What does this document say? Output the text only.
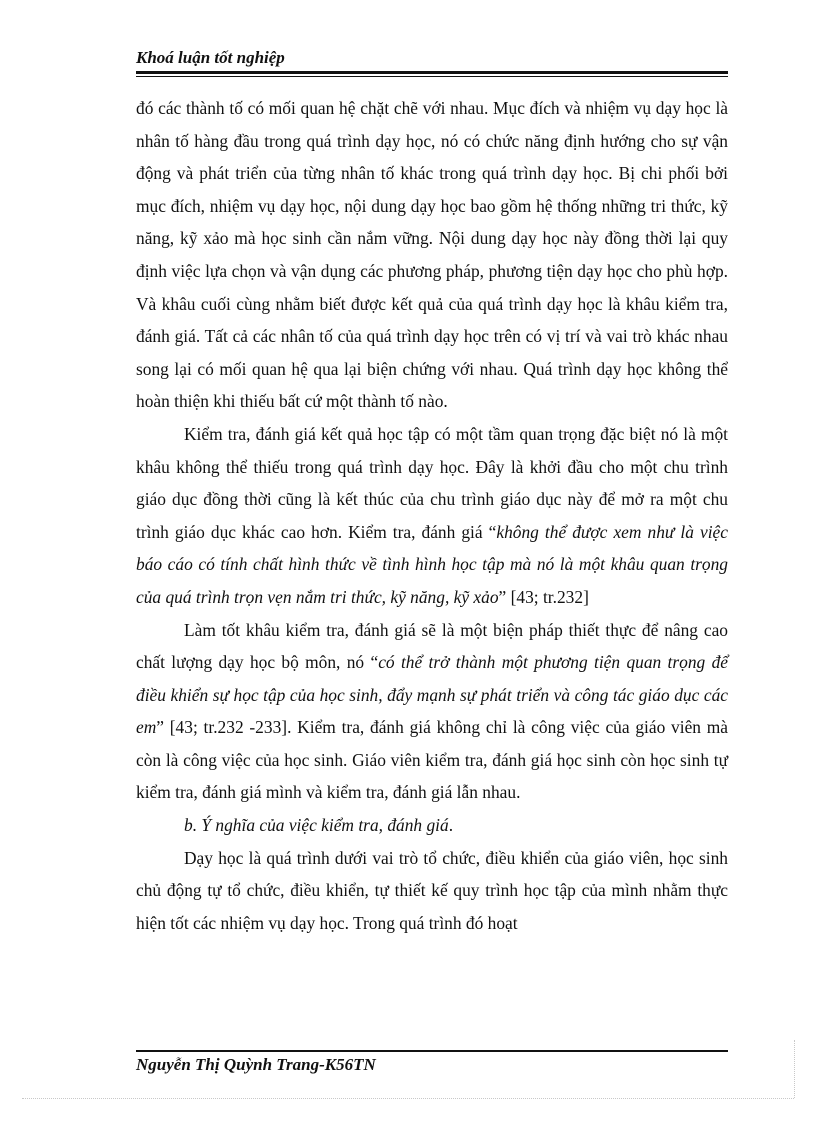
Khoá luận tốt nghiệp

đó các thành tố có mối quan hệ chặt chẽ với nhau. Mục đích và nhiệm vụ dạy học là nhân tố hàng đầu trong quá trình dạy học, nó có chức năng định hướng cho sự vận động và phát triển của từng nhân tố khác trong quá trình dạy học. Bị chi phối bởi mục đích, nhiệm vụ dạy học, nội dung dạy học bao gồm hệ thống những tri thức, kỹ năng, kỹ xảo mà học sinh cần nắm vững. Nội dung dạy học này đồng thời lại quy định việc lựa chọn và vận dụng các phương pháp, phương tiện dạy học cho phù hợp. Và khâu cuối cùng nhằm biết được kết quả của quá trình dạy học là khâu kiểm tra, đánh giá. Tất cả các nhân tố của quá trình dạy học trên có vị trí và vai trò khác nhau song lại có mối quan hệ qua lại biện chứng với nhau. Quá trình dạy học không thể hoàn thiện khi thiếu bất cứ một thành tố nào.

Kiểm tra, đánh giá kết quả học tập có một tầm quan trọng đặc biệt nó là một khâu không thể thiếu trong quá trình dạy học. Đây là khởi đầu cho một chu trình giáo dục đồng thời cũng là kết thúc của chu trình giáo dục này để mở ra một chu trình giáo dục khác cao hơn. Kiểm tra, đánh giá “không thể được xem như là việc báo cáo có tính chất hình thức về tình hình học tập mà nó là một khâu quan trọng của quá trình trọn vẹn nắm tri thức, kỹ năng, kỹ xảo” [43; tr.232]

Làm tốt khâu kiểm tra, đánh giá sẽ là một biện pháp thiết thực để nâng cao chất lượng dạy học bộ môn, nó “có thể trở thành một phương tiện quan trọng để điều khiển sự học tập của học sinh, đẩy mạnh sự phát triển và công tác giáo dục các em” [43; tr.232 -233]. Kiểm tra, đánh giá không chỉ là công việc của giáo viên mà còn là công việc của học sinh. Giáo viên kiểm tra, đánh giá học sinh còn học sinh tự kiểm tra, đánh giá mình và kiểm tra, đánh giá lẫn nhau.

b. Ý nghĩa của việc kiểm tra, đánh giá.

Dạy học là quá trình dưới vai trò tổ chức, điều khiển của giáo viên, học sinh chủ động tự tổ chức, điều khiển, tự thiết kế quy trình học tập của mình nhằm thực hiện tốt các nhiệm vụ dạy học. Trong quá trình đó hoạt

Nguyễn Thị Quỳnh Trang-K56TN
